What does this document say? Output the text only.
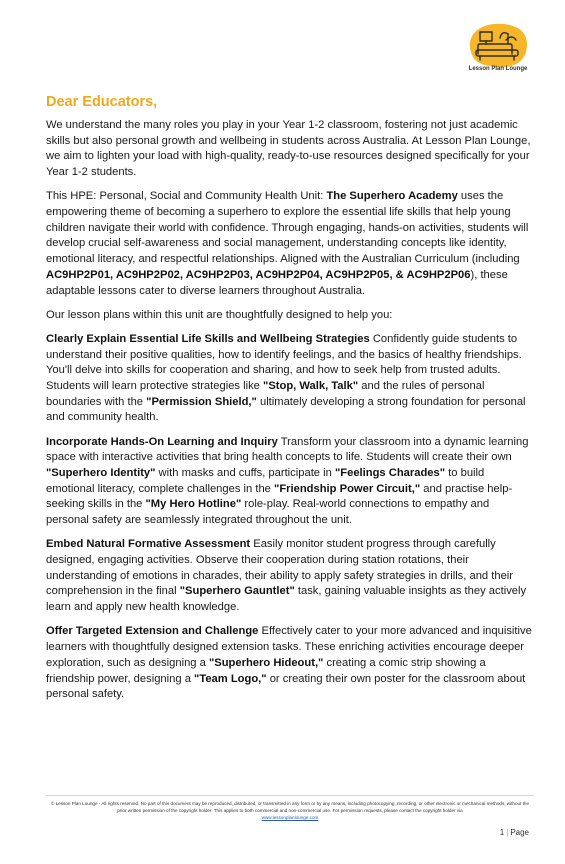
Lesson Plan Lounge
Dear Educators,

We understand the many roles you play in your Year 1-2 classroom, fostering not just academic skills but also personal growth and wellbeing in students across Australia. At Lesson Plan Lounge, we aim to lighten your load with high-quality, ready-to-use resources designed specifically for your Year 1-2 students.

This HPE: Personal, Social and Community Health Unit: The Superhero Academy uses the empowering theme of becoming a superhero to explore the essential life skills that help young children navigate their world with confidence. Through engaging, hands-on activities, students will develop crucial self-awareness and social management, understanding concepts like identity, emotional literacy, and respectful relationships. Aligned with the Australian Curriculum (including AC9HP2P01, AC9HP2P02, AC9HP2P03, AC9HP2P04, AC9HP2P05, & AC9HP2P06), these adaptable lessons cater to diverse learners throughout Australia.

Our lesson plans within this unit are thoughtfully designed to help you:

Clearly Explain Essential Life Skills and Wellbeing Strategies Confidently guide students to understand their positive qualities, how to identify feelings, and the basics of healthy friendships. You'll delve into skills for cooperation and sharing, and how to seek help from trusted adults. Students will learn protective strategies like "Stop, Walk, Talk" and the rules of personal boundaries with the "Permission Shield," ultimately developing a strong foundation for personal and community health.

Incorporate Hands-On Learning and Inquiry Transform your classroom into a dynamic learning space with interactive activities that bring health concepts to life. Students will create their own "Superhero Identity" with masks and cuffs, participate in "Feelings Charades" to build emotional literacy, complete challenges in the "Friendship Power Circuit," and practise help-seeking skills in the "My Hero Hotline" role-play. Real-world connections to empathy and personal safety are seamlessly integrated throughout the unit.

Embed Natural Formative Assessment Easily monitor student progress through carefully designed, engaging activities. Observe their cooperation during station rotations, their understanding of emotions in charades, their ability to apply safety strategies in drills, and their comprehension in the final "Superhero Gauntlet" task, gaining valuable insights as they actively learn and apply new health knowledge.

Offer Targeted Extension and Challenge Effectively cater to your more advanced and inquisitive learners with thoughtfully designed extension tasks. These enriching activities encourage deeper exploration, such as designing a "Superhero Hideout," creating a comic strip showing a friendship power, designing a "Team Logo," or creating their own poster for the classroom about personal safety.

© Lesson Plan Lounge - All rights reserved. No part of this document may be reproduced, distributed, or transmitted in any form or by any means, including photocopying, recording, or other electronic or mechanical methods, without the prior written permission of the copyright holder. This applies to both commercial and non-commercial use. For permission requests, please contact the copyright holder via
www.lessonplanlounge.com
1 | Page
